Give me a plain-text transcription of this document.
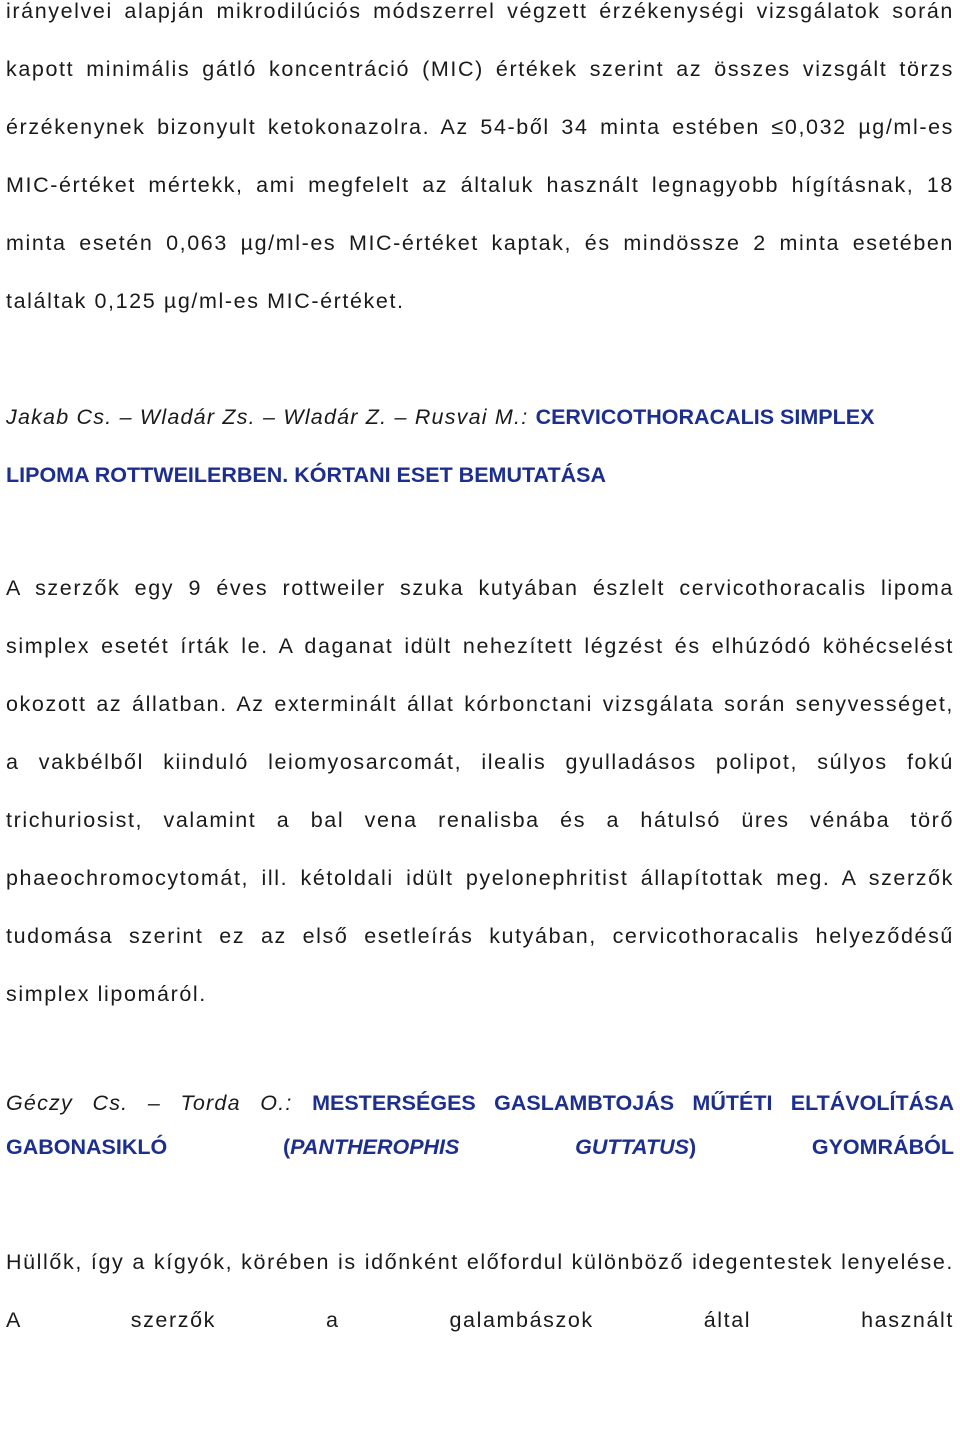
irányelvei alapján mikrodilúciós módszerrel végzett érzékenységi vizsgálatok során kapott minimális gátló koncentráció (MIC) értékek szerint az összes vizsgált törzs érzékenynek bizonyult ketokonazolra. Az 54-ből 34 minta estében ≤0,032 µg/ml-es MIC-értéket mértekk, ami megfelelt az általuk használt legnagyobb hígításnak, 18 minta esetén 0,063 µg/ml-es MIC-értéket kaptak, és mindössze 2 minta esetében találtak 0,125 µg/ml-es MIC-értéket.

Jakab Cs. – Wladár Zs. – Wladár Z. – Rusvai M.: CERVICOTHORACALIS SIMPLEX LIPOMA ROTTWEILERBEN. KÓRTANI ESET BEMUTATÁSA

A szerzők egy 9 éves rottweiler szuka kutyában észlelt cervicothoracalis lipoma simplex esetét írták le. A daganat idült nehezített légzést és elhúzódó köhécselést okozott az állatban. Az exterminált állat kórbonctani vizsgálata során senyvességet, a vakbélből kiinduló leiomyosarcomát, ilealis gyulladásos polipot, súlyos fokú trichuriosist, valamint a bal vena renalisba és a hátulsó üres vénába törő phaeochromocytomát, ill. kétoldali idült pyelonephritist állapítottak meg. A szerzők tudomása szerint ez az első esetleírás kutyában, cervicothoracalis helyeződésű simplex lipomáról.

Géczy Cs. – Torda O.: MESTERSÉGES GASLAMBTOJÁS MŰTÉTI ELTÁVOLÍTÁSA GABONASIKLÓ (PANTHEROPHIS GUTTATUS) GYOMRÁBÓL

Hüllők, így a kígyók, körében is időnként előfordul különböző idegentestek lenyelése. A szerzők a galambászok által használt
